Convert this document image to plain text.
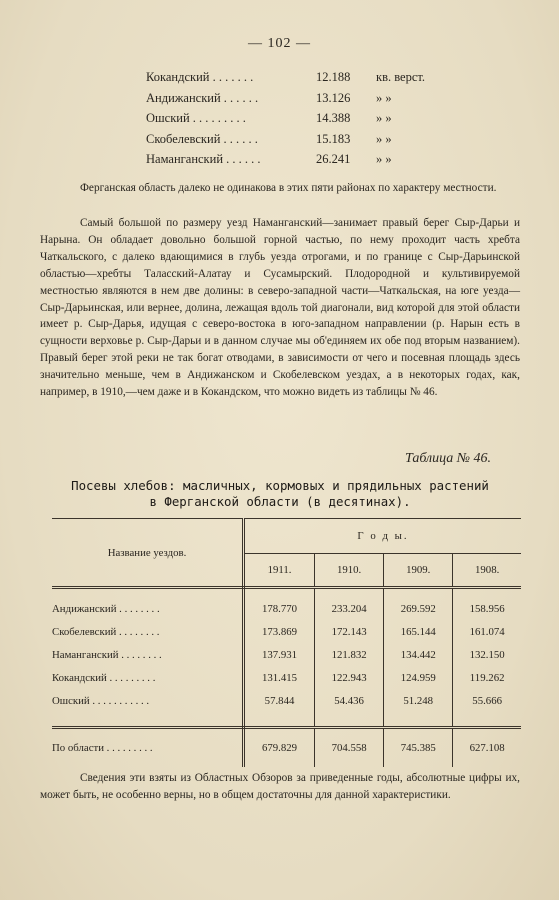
— 102 —
Кокандский . . . . . . .	12.188	кв. верст.
Андижанский . . . . . .	13.126	» »
Ошский . . . . . . . . .	14.388	» »
Скобелевский . . . . . .	15.183	» »
Наманганский . . . . . .	26.241	» »

Ферганская область далеко не одинакова в этих пяти районах по характеру местности.

Самый большой по размеру уезд Наманганский—занимает правый берег Сыр-Дарьи и Нарына. Он обладает довольно большой горной частью, по нему проходит часть хребта Чаткальского, с далеко вдающимися в глубь уезда отрогами, и по границе с Сыр-Дарьинской областью—хребты Таласский-Алатау и Сусамырский. Плодородной и культивируемой местностью являются в нем две долины: в северо-западной части—Чаткальская, на юге уезда—Сыр-Дарьинская, или вернее, долина, лежащая вдоль той диагонали, вид которой для этой области имеет р. Сыр-Дарья, идущая с северо-востока в юго-западном направлении (р. Нарын есть в сущности верховье р. Сыр-Дарьи и в данном случае мы об'единяем их обе под вторым названием). Правый берег этой реки не так богат отводами, в зависимости от чего и посевная площадь здесь значительно меньше, чем в Андижанском и Скобелевском уездах, а в некоторых годах, как, например, в 1910,—чем даже и в Кокандском, что можно видеть из таблицы № 46.

Таблица № 46.
Посевы хлебов: масличных, кормовых и прядильных растений
в Ферганской области (в десятинах).
Название уездов.	Г о д ы.			
	1911.	1910.	1909.	1908.
Андижанский . . . . . . . .	178.770	233.204	269.592	158.956
Скобелевский . . . . . . . .	173.869	172.143	165.144	161.074
Наманганский . . . . . . . .	137.931	121.832	134.442	132.150
Кокандский . . . . . . . . .	131.415	122.943	124.959	119.262
Ошский . . . . . . . . . . .	57.844	54.436	51.248	55.666

По области . . . . . . . . .	679.829	704.558	745.385	627.108

Сведения эти взяты из Областных Обзоров за приведенные годы, абсолютные цифры их, может быть, не особенно верны, но в общем достаточны для данной характеристики.
